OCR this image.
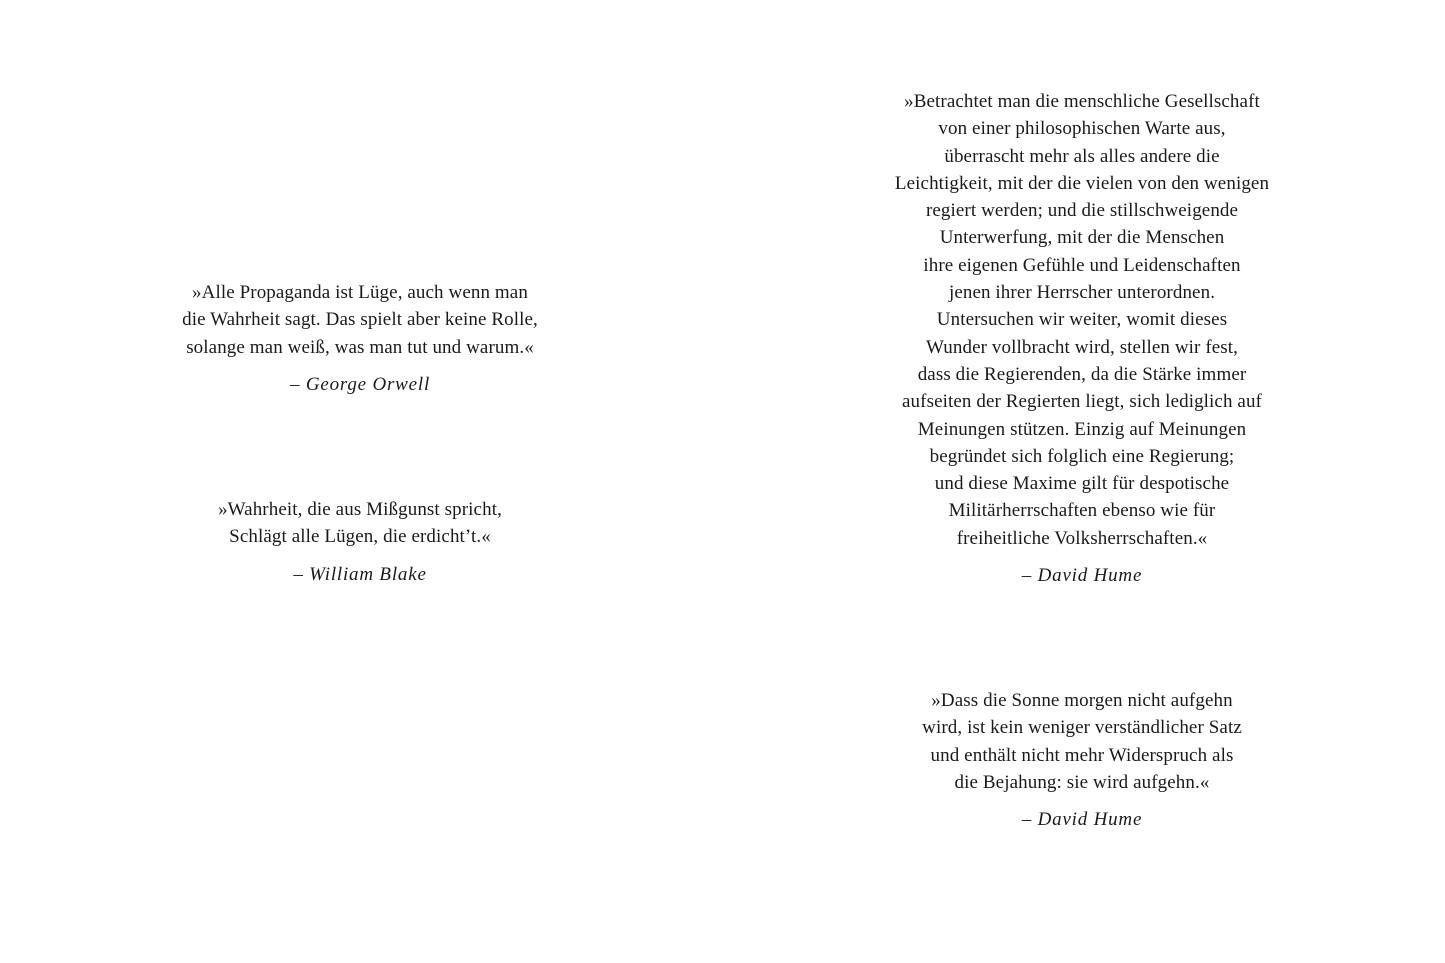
»Alle Propaganda ist Lüge, auch wenn man
die Wahrheit sagt. Das spielt aber keine Rolle,
solange man weiß, was man tut und warum.«
– George Orwell
»Wahrheit, die aus Mißgunst spricht,
Schlägt alle Lügen, die erdicht’t.«
– William Blake
»Betrachtet man die menschliche Gesellschaft
von einer philosophischen Warte aus,
überrascht mehr als alles andere die
Leichtigkeit, mit der die vielen von den wenigen
regiert werden; und die stillschweigende
Unterwerfung, mit der die Menschen
ihre eigenen Gefühle und Leidenschaften
jenen ihrer Herrscher unterordnen.
Untersuchen wir weiter, womit dieses
Wunder vollbracht wird, stellen wir fest,
dass die Regierenden, da die Stärke immer
aufseiten der Regierten liegt, sich lediglich auf
Meinungen stützen. Einzig auf Meinungen
begründet sich folglich eine Regierung;
und diese Maxime gilt für despotische
Militärherrschaften ebenso wie für
freiheitliche Volksherrschaften.«
– David Hume
»Dass die Sonne morgen nicht aufgehn
wird, ist kein weniger verständlicher Satz
und enthält nicht mehr Widerspruch als
die Bejahung: sie wird aufgehn.«
– David Hume
